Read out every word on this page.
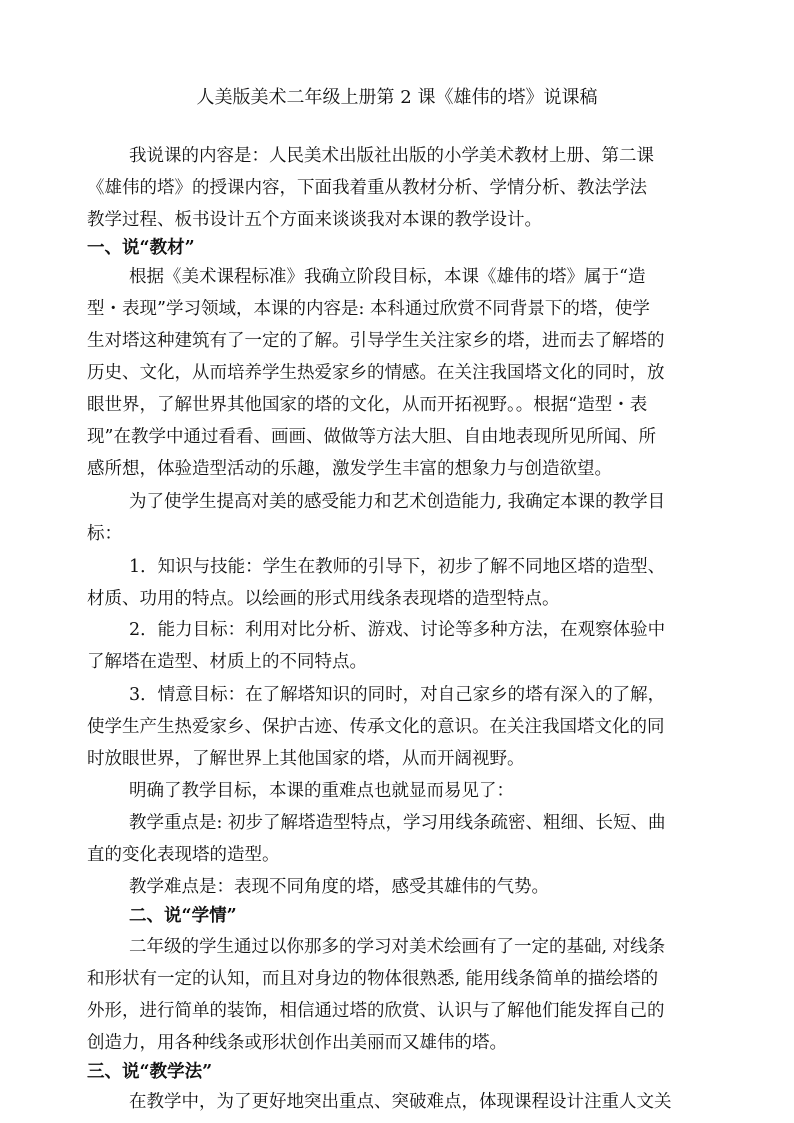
人美版美术二年级上册第 2 课《雄伟的塔》说课稿
我说课的内容是：人民美术出版社出版的小学美术教材上册、第二课
《雄伟的塔》的授课内容，下面我着重从教材分析、学情分析、教法学法
教学过程、板书设计五个方面来谈谈我对本课的教学设计。
一、说“教材”
根据《美术课程标准》我确立阶段目标，本课《雄伟的塔》属于“造
型・表现”学习领域，本课的内容是: 本科通过欣赏不同背景下的塔，使学
生对塔这种建筑有了一定的了解。引导学生关注家乡的塔，进而去了解塔的
历史、文化，从而培养学生热爱家乡的情感。在关注我国塔文化的同时，放
眼世界，了解世界其他国家的塔的文化，从而开拓视野。。根据“造型・表
现”在教学中通过看看、画画、做做等方法大胆、自由地表现所见所闻、所
感所想，体验造型活动的乐趣，激发学生丰富的想象力与创造欲望。
为了使学生提高对美的感受能力和艺术创造能力, 我确定本课的教学目
标：
1．知识与技能：学生在教师的引导下，初步了解不同地区塔的造型、
材质、功用的特点。以绘画的形式用线条表现塔的造型特点。
2．能力目标：利用对比分析、游戏、讨论等多种方法，在观察体验中
了解塔在造型、材质上的不同特点。
3．情意目标：在了解塔知识的同时，对自己家乡的塔有深入的了解，
使学生产生热爱家乡、保护古迹、传承文化的意识。在关注我国塔文化的同
时放眼世界，了解世界上其他国家的塔，从而开阔视野。
明确了教学目标，本课的重难点也就显而易见了：
教学重点是: 初步了解塔造型特点，学习用线条疏密、粗细、长短、曲
直的变化表现塔的造型。
教学难点是：表现不同角度的塔，感受其雄伟的气势。
二、说“学情”
二年级的学生通过以你那多的学习对美术绘画有了一定的基础, 对线条
和形状有一定的认知，而且对身边的物体很熟悉, 能用线条简单的描绘塔的
外形，进行简单的装饰，相信通过塔的欣赏、认识与了解他们能发挥自己的
创造力，用各种线条或形状创作出美丽而又雄伟的塔。
三、说“教学法”
在教学中，为了更好地突出重点、突破难点，体现课程设计注重人文关
